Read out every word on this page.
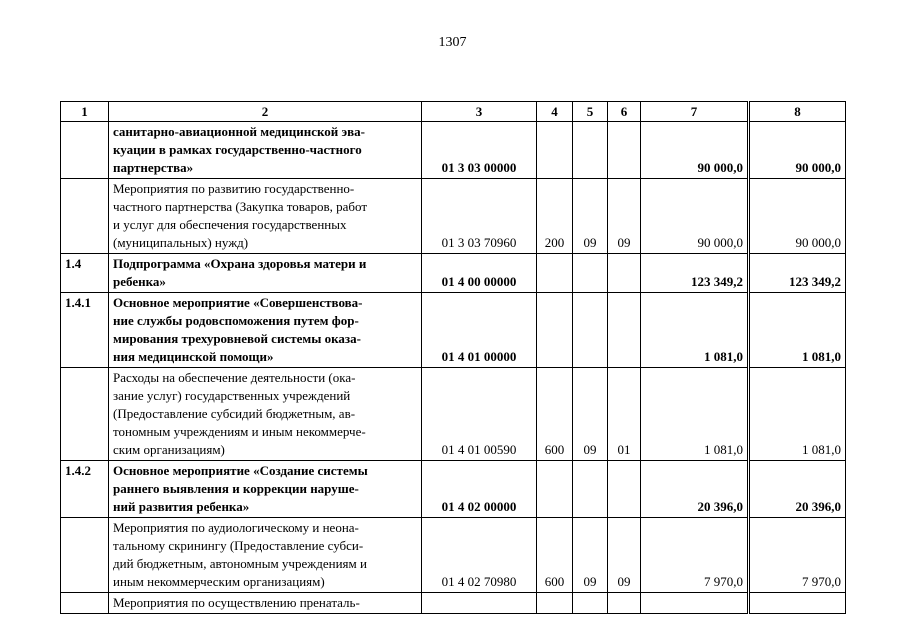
1307
1	2	3	4	5	6	7	8
	санитарно-авиационной медицинской эва-
куации в рамках государственно-частного
партнерства»	01 3 03 00000				90 000,0	90 000,0
	Мероприятия по развитию государственно-
частного партнерства (Закупка товаров, работ
и услуг для обеспечения государственных
(муниципальных) нужд)	01 3 03 70960	200	09	09	90 000,0	90 000,0
1.4	Подпрограмма «Охрана здоровья матери и
ребенка»	01 4 00 00000				123 349,2	123 349,2
1.4.1	Основное мероприятие «Совершенствова-
ние службы родовспоможения путем фор-
мирования трехуровневой системы оказа-
ния медицинской помощи»	01 4 01 00000				1 081,0	1 081,0
	Расходы на обеспечение деятельности (ока-
зание услуг) государственных учреждений
(Предоставление субсидий бюджетным, ав-
тономным учреждениям и иным некоммерче-
ским организациям)	01 4 01 00590	600	09	01	1 081,0	1 081,0
1.4.2	Основное мероприятие «Создание системы
раннего выявления и коррекции наруше-
ний развития ребенка»	01 4 02 00000				20 396,0	20 396,0
	Мероприятия по аудиологическому и неона-
тальному скринингу (Предоставление субси-
дий бюджетным, автономным учреждениям и
иным некоммерческим организациям)	01 4 02 70980	600	09	09	7 970,0	7 970,0
	Мероприятия по осуществлению пренаталь-						
